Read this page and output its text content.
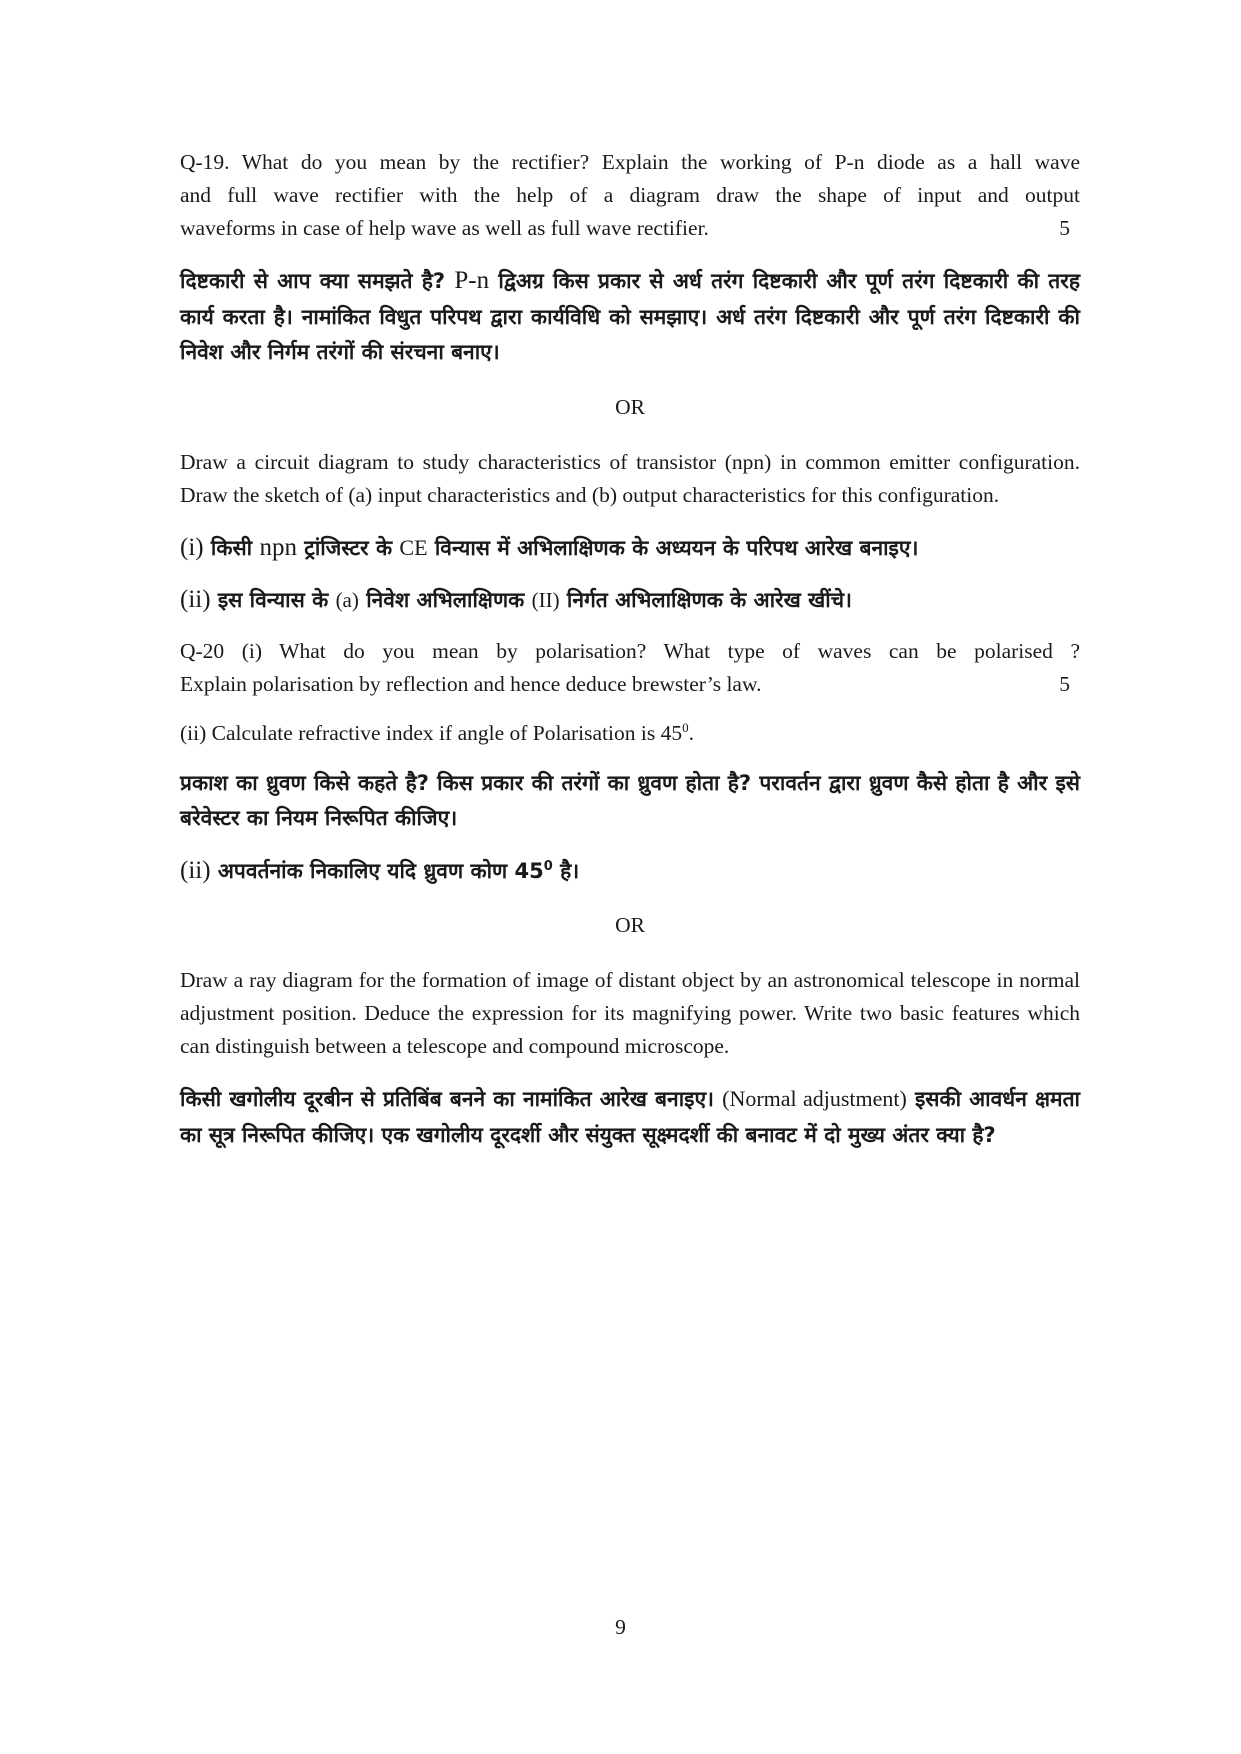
Q-19. What do you mean by the rectifier? Explain the working of P-n diode as a hall wave
and full wave rectifier with the help of a diagram draw the shape of input and output
waveforms in case of help wave as well as full wave rectifier.	5
दिष्टकारी से आप क्या समझते है? P-n द्विअग्र किस प्रकार से अर्ध तरंग दिष्टकारी और पूर्ण तरंग दिष्टकारी की तरह कार्य करता है। नामांकित विधुत परिपथ द्वारा कार्यविधि को समझाए। अर्ध तरंग दिष्टकारी और पूर्ण तरंग दिष्टकारी की निवेश और निर्गम तरंगों की संरचना बनाए।
OR
Draw a circuit diagram to study characteristics of transistor (npn) in common emitter configuration. Draw the sketch of (a) input characteristics and (b) output characteristics for this configuration.
(i) किसी npn ट्रांजिस्टर के CE विन्यास में अभिलाक्षिणक के अध्ययन के परिपथ आरेख बनाइए।
(ii) इस विन्यास के (a) निवेश अभिलाक्षिणक (II) निर्गत अभिलाक्षिणक के आरेख खींचे।
Q-20 (i) What do you mean by polarisation? What type of waves can be polarised ?
Explain polarisation by reflection and hence deduce brewster’s law.	5
(ii) Calculate refractive index if angle of Polarisation is $45^0$.
प्रकाश का ध्रुवण किसे कहते है? किस प्रकार की तरंगों का ध्रुवण होता है? परावर्तन द्वारा ध्रुवण कैसे होता है और इसे बरेवेस्टर का नियम निरूपित कीजिए।
(ii) अपवर्तनांक निकालिए यदि ध्रुवण कोण $45^0$ है।
OR
Draw a ray diagram for the formation of image of distant object by an astronomical telescope in normal adjustment position. Deduce the expression for its magnifying power. Write two basic features which can distinguish between a telescope and compound microscope.
किसी खगोलीय दूरबीन से प्रतिबिंब बनने का नामांकित आरेख बनाइए। (Normal adjustment) इसकी आवर्धन क्षमता का सूत्र निरूपित कीजिए। एक खगोलीय दूरदर्शी और संयुक्त सूक्ष्मदर्शी की बनावट में दो मुख्य अंतर क्या है?
9
